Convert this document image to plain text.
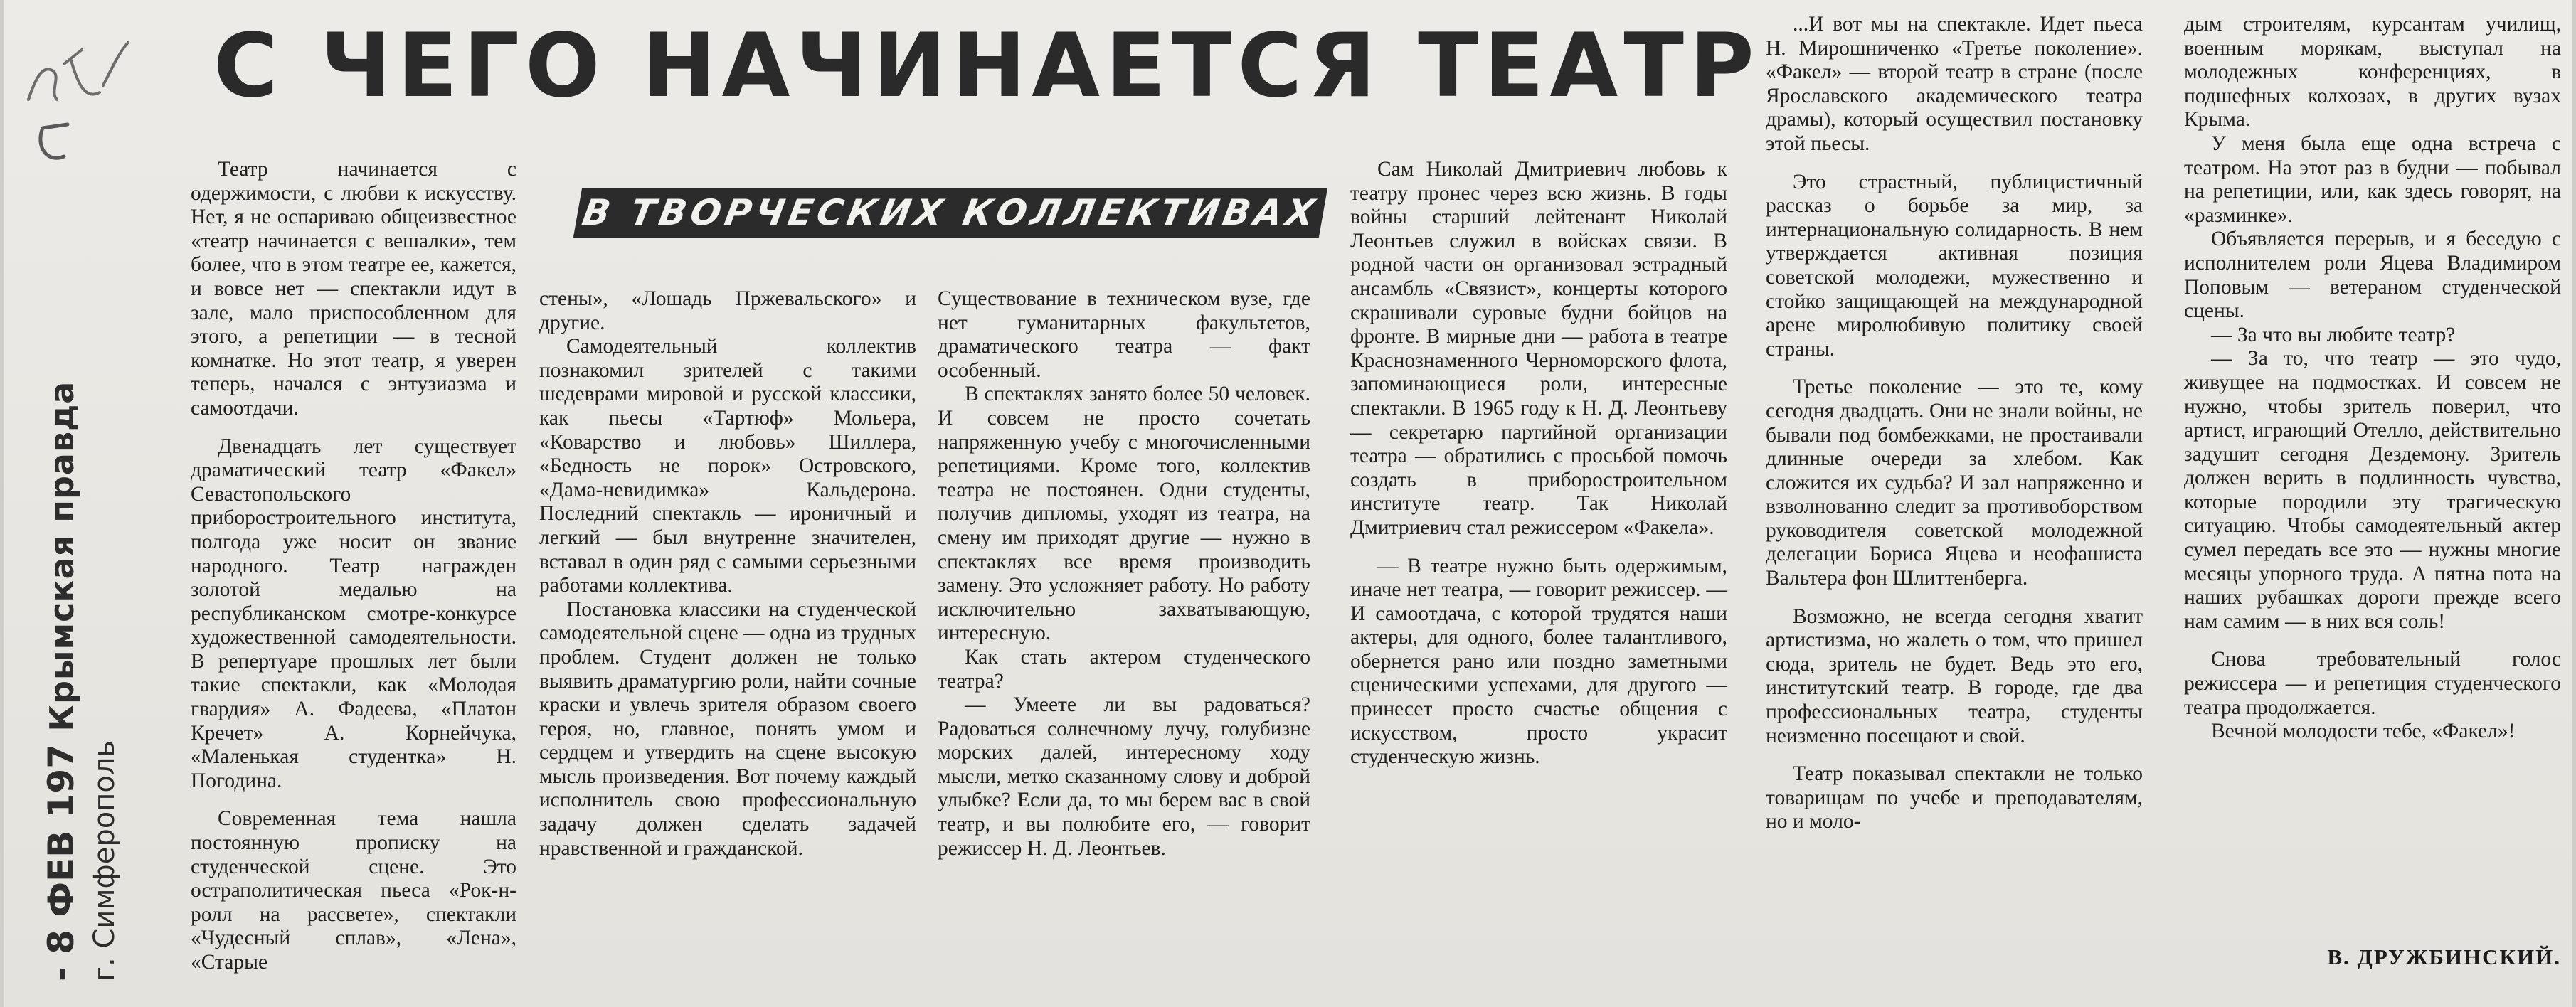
- 8 ФЕВ 197 Крымская правда
г. Симферополь
С ЧЕГО НАЧИНАЕТСЯ ТЕАТР
В ТВОРЧЕСКИХ КОЛЛЕКТИВАХ

Театр начинается с одержимости, с любви к искусству. Нет, я не оспариваю общеизвестное «театр начинается с вешалки», тем более, что в этом театре ее, кажется, и вовсе нет — спектакли идут в зале, мало приспособленном для этого, а репетиции — в тесной комнатке. Но этот театр, я уверен теперь, начался с энтузиазма и самоотдачи.

Двенадцать лет существует драматический театр «Факел» Севастопольского приборостроительного института, полгода уже носит он звание народного. Театр награжден золотой медалью на республиканском смотре-конкурсе художественной самодеятельности. В репертуаре прошлых лет были такие спектакли, как «Молодая гвардия» А. Фадеева, «Платон Кречет» А. Корнейчука, «Маленькая студентка» Н. Погодина.

Современная тема нашла постоянную прописку на студенческой сцене. Это остраполитическая пьеса «Рок-н-ролл на рассвете», спектакли «Чудесный сплав», «Лена», «Старые

стены», «Лошадь Пржевальского» и другие.

Самодеятельный коллектив познакомил зрителей с такими шедеврами мировой и русской классики, как пьесы «Тартюф» Мольера, «Коварство и любовь» Шиллера, «Бедность не порок» Островского, «Дама-невидимка» Кальдерона. Последний спектакль — ироничный и легкий — был внутренне значителен, вставал в один ряд с самыми серьезными работами коллектива.

Постановка классики на студенческой самодеятельной сцене — одна из трудных проблем. Студент должен не только выявить драматургию роли, найти сочные краски и увлечь зрителя образом своего героя, но, главное, понять умом и сердцем и утвердить на сцене высокую мысль произведения. Вот почему каждый исполнитель свою профессиональную задачу должен сделать задачей нравственной и гражданской.

Существование в техническом вузе, где нет гуманитарных факультетов, драматического театра — факт особенный.

В спектаклях занято более 50 человек. И совсем не просто сочетать напряженную учебу с многочисленными репетициями. Кроме того, коллектив театра не постоянен. Одни студенты, получив дипломы, уходят из театра, на смену им приходят другие — нужно в спектаклях все время производить замену. Это усложняет работу. Но работу исключительно захватывающую, интересную.

Как стать актером студенческого театра?

— Умеете ли вы радоваться? Радоваться солнечному лучу, голубизне морских далей, интересному ходу мысли, метко сказанному слову и доброй улыбке? Если да, то мы берем вас в свой театр, и вы полюбите его, — говорит режиссер Н. Д. Леонтьев.

Сам Николай Дмитриевич любовь к театру пронес через всю жизнь. В годы войны старший лейтенант Николай Леонтьев служил в войсках связи. В родной части он организовал эстрадный ансамбль «Связист», концерты которого скрашивали суровые будни бойцов на фронте. В мирные дни — работа в театре Краснознаменного Черноморского флота, запоминающиеся роли, интересные спектакли. В 1965 году к Н. Д. Леонтьеву — секретарю партийной организации театра — обратились с просьбой помочь создать в приборостроительном институте театр. Так Николай Дмитриевич стал режиссером «Факела».

— В театре нужно быть одержимым, иначе нет театра, — говорит режиссер. — И самоотдача, с которой трудятся наши актеры, для одного, более талантливого, обернется рано или поздно заметными сценическими успехами, для другого — принесет просто счастье общения с искусством, просто украсит студенческую жизнь.

...И вот мы на спектакле. Идет пьеса Н. Мирошниченко «Третье поколение». «Факел» — второй театр в стране (после Ярославского академического театра драмы), который осуществил постановку этой пьесы.

Это страстный, публицистичный рассказ о борьбе за мир, за интернациональную солидарность. В нем утверждается активная позиция советской молодежи, мужественно и стойко защищающей на международной арене миролюбивую политику своей страны.

Третье поколение — это те, кому сегодня двадцать. Они не знали войны, не бывали под бомбежками, не простаивали длинные очереди за хлебом. Как сложится их судьба? И зал напряженно и взволнованно следит за противоборством руководителя советской молодежной делегации Бориса Яцева и неофашиста Вальтера фон Шлиттенберга.

Возможно, не всегда сегодня хватит артистизма, но жалеть о том, что пришел сюда, зритель не будет. Ведь это его, институтский театр. В городе, где два профессиональных театра, студенты неизменно посещают и свой.

Театр показывал спектакли не только товарищам по учебе и преподавателям, но и моло-

дым строителям, курсантам училищ, военным морякам, выступал на молодежных конференциях, в подшефных колхозах, в других вузах Крыма.

У меня была еще одна встреча с театром. На этот раз в будни — побывал на репетиции, или, как здесь говорят, на «разминке».

Объявляется перерыв, и я беседую с исполнителем роли Яцева Владимиром Поповым — ветераном студенческой сцены.

— За что вы любите театр?

— За то, что театр — это чудо, живущее на подмостках. И совсем не нужно, чтобы зритель поверил, что артист, играющий Отелло, действительно задушит сегодня Дездемону. Зритель должен верить в подлинность чувства, которые породили эту трагическую ситуацию. Чтобы самодеятельный актер сумел передать все это — нужны многие месяцы упорного труда. А пятна пота на наших рубашках дороги прежде всего нам самим — в них вся соль!

Снова требовательный голос режиссера — и репетиция студенческого театра продолжается.

Вечной молодости тебе, «Факел»!

В. ДРУЖБИНСКИЙ.
